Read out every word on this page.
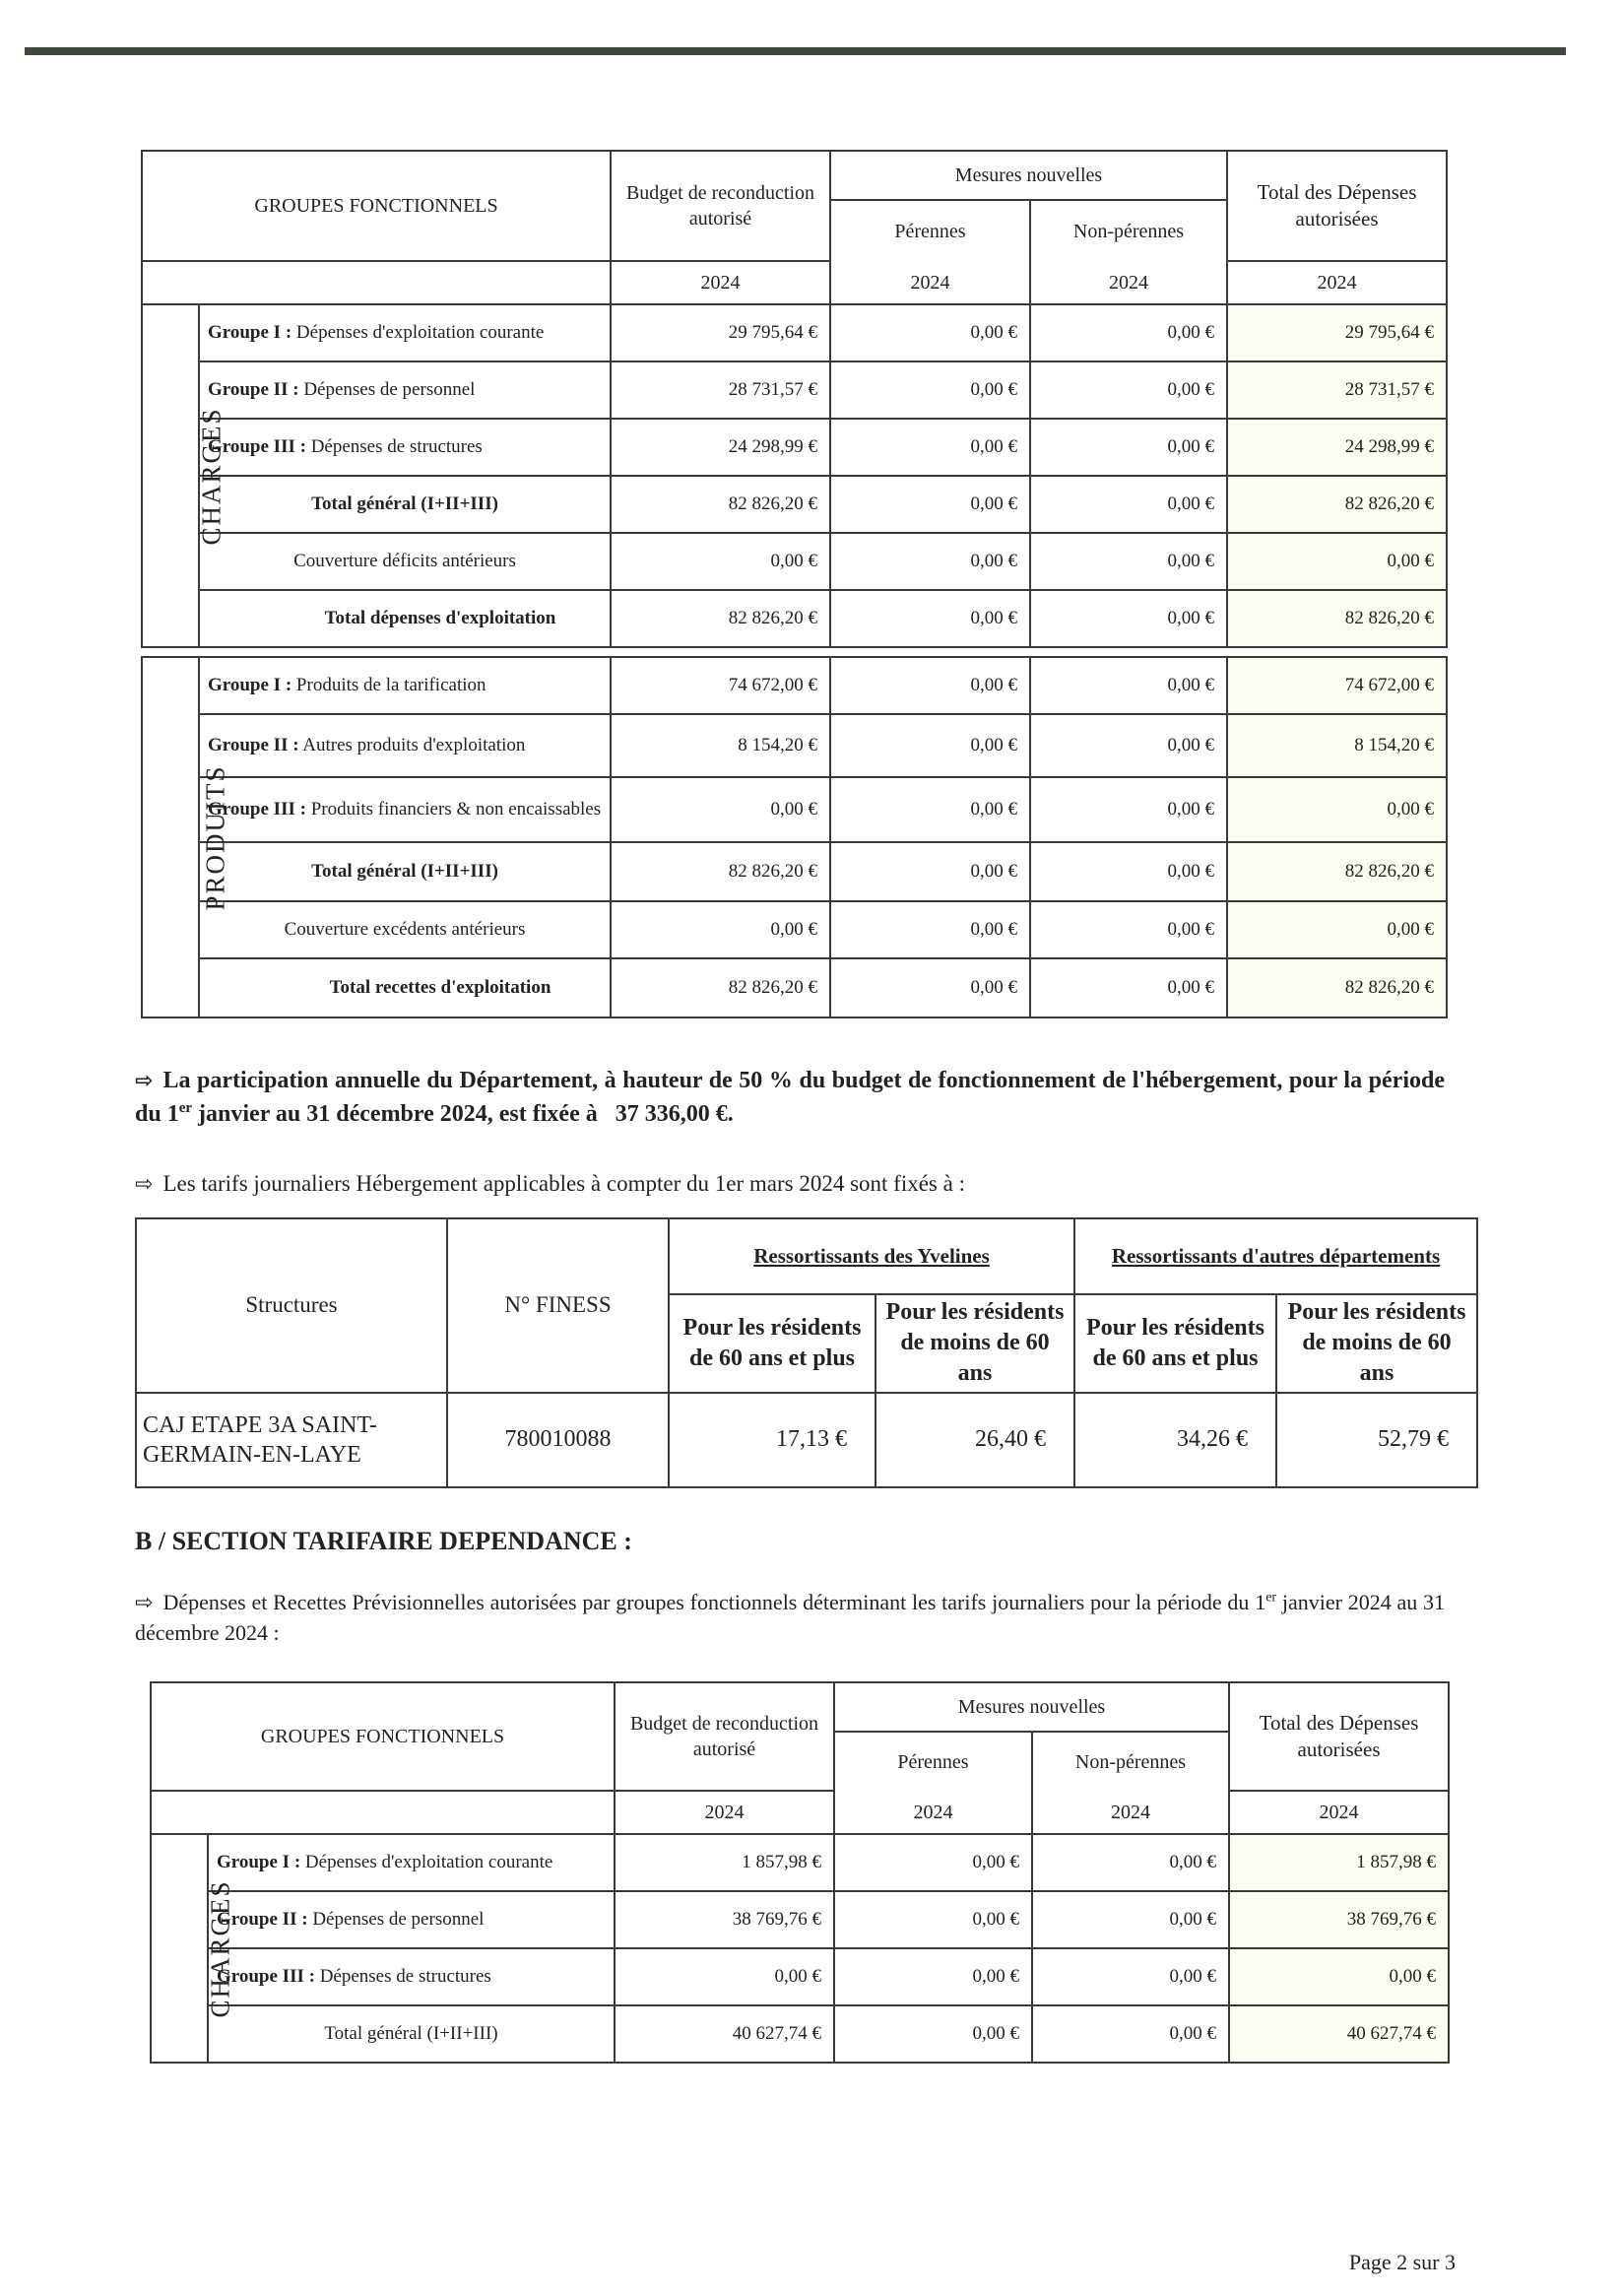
GROUPES FONCTIONNELS		Budget de reconduction autorisé	Mesures nouvelles		Total des Dépenses autorisées
			Pérennes	Non-pérennes	
		2024	2024	2024	2024
CHARGES	Groupe I : Dépenses d'exploitation courante	29 795,64 €	0,00 €	0,00 €	29 795,64 €
	Groupe II : Dépenses de personnel	28 731,57 €	0,00 €	0,00 €	28 731,57 €
	Groupe III : Dépenses de structures	24 298,99 €	0,00 €	0,00 €	24 298,99 €
	Total général (I+II+III)	82 826,20 €	0,00 €	0,00 €	82 826,20 €
	Couverture déficits antérieurs	0,00 €	0,00 €	0,00 €	0,00 €
	Total dépenses d'exploitation	82 826,20 €	0,00 €	0,00 €	82 826,20 €

PRODUITS	Groupe I : Produits de la tarification	74 672,00 €	0,00 €	0,00 €	74 672,00 €
	Groupe II : Autres produits d'exploitation	8 154,20 €	0,00 €	0,00 €	8 154,20 €
	Groupe III : Produits financiers & non encaissables	0,00 €	0,00 €	0,00 €	0,00 €
	Total général (I+II+III)	82 826,20 €	0,00 €	0,00 €	82 826,20 €
	Couverture excédents antérieurs	0,00 €	0,00 €	0,00 €	0,00 €
	Total recettes d'exploitation	82 826,20 €	0,00 €	0,00 €	82 826,20 €
⇨ La participation annuelle du Département, à hauteur de 50 % du budget de fonctionnement de l'hébergement, pour la période du 1er janvier au 31 décembre 2024, est fixée à 37 336,00 €.
⇨ Les tarifs journaliers Hébergement applicables à compter du 1er mars 2024 sont fixés à :
Structures	N° FINESS	Ressortissants des Yvelines		Ressortissants d'autres départements	
		Pour les résidents de 60 ans et plus	Pour les résidents de moins de 60 ans	Pour les résidents de 60 ans et plus	Pour les résidents de moins de 60 ans
CAJ ETAPE 3A SAINT-GERMAIN-EN-LAYE	780010088	17,13 €	26,40 €	34,26 €	52,79 €
B / SECTION TARIFAIRE DEPENDANCE :
⇨ Dépenses et Recettes Prévisionnelles autorisées par groupes fonctionnels déterminant les tarifs journaliers pour la période du 1er janvier 2024 au 31 décembre 2024 :
GROUPES FONCTIONNELS		Budget de reconduction autorisé	Mesures nouvelles		Total des Dépenses autorisées
			Pérennes	Non-pérennes	
		2024	2024	2024	2024
CHARGES	Groupe I : Dépenses d'exploitation courante	1 857,98 €	0,00 €	0,00 €	1 857,98 €
	Groupe II : Dépenses de personnel	38 769,76 €	0,00 €	0,00 €	38 769,76 €
	Groupe III : Dépenses de structures	0,00 €	0,00 €	0,00 €	0,00 €
	Total général (I+II+III)	40 627,74 €	0,00 €	0,00 €	40 627,74 €
Page 2 sur 3
